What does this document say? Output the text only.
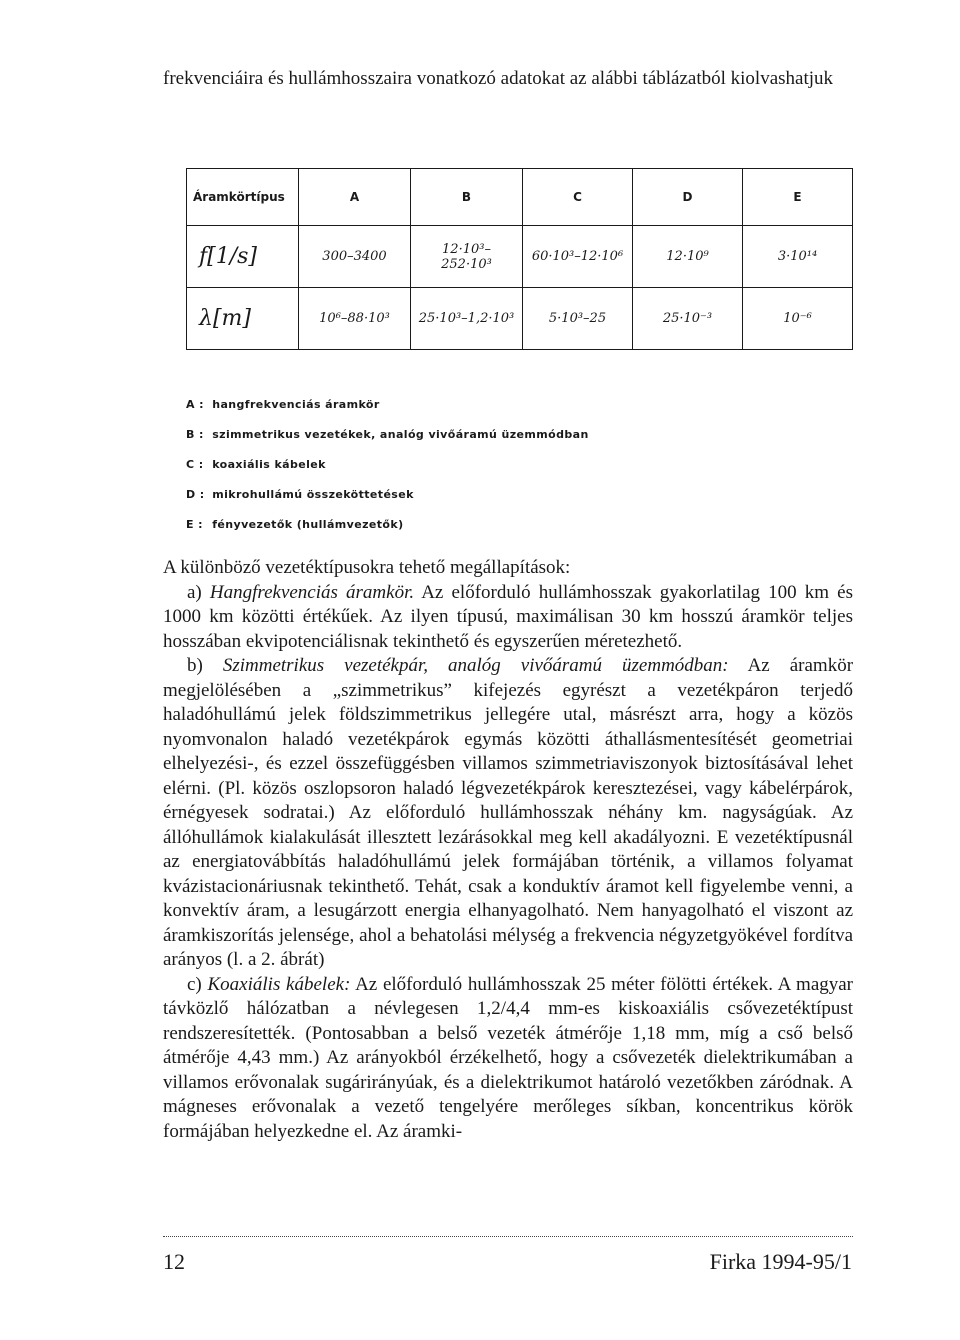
frekvenciáira és hullámhosszaira vonatkozó adatokat az alábbi táblázatból kiolvashatjuk
Áramkörtípus	A	B	C	D	E
f[1/s]	300–3400	12·10³–252·10³	60·10³–12·10⁶	12·10⁹	3·10¹⁴
λ[m]	10⁶–88·10³	25·10³–1,2·10³	5·10³–25	25·10⁻³	10⁻⁶
A : hangfrekvenciás áramkör
B : szimmetrikus vezetékek, analóg vivőáramú üzemmódban
C : koaxiális kábelek
D : mikrohullámú összeköttetések
E : fényvezetők (hullámvezetők)

A különböző vezetéktípusokra tehető megállapítások:

a) Hangfrekvenciás áramkör. Az előforduló hullámhosszak gyakorlatilag 100 km és 1000 km közötti értékűek. Az ilyen típusú, maximálisan 30 km hosszú áramkör teljes hosszában ekvipotenciálisnak tekinthető és egyszerűen méretezhető.

b) Szimmetrikus vezetékpár, analóg vivőáramú üzemmódban: Az áramkör megjelölésében a „szimmetrikus” kifejezés egyrészt a vezetékpáron terjedő haladóhullámú jelek földszimmetrikus jellegére utal, másrészt arra, hogy a közös nyomvonalon haladó vezetékpárok egymás közötti áthallásmentesítését geometriai elhelyezési-, és ezzel összefüggésben villamos szimmetriaviszonyok biztosításával lehet elérni. (Pl. közös oszlopsoron haladó légvezetékpárok keresztezései, vagy kábelérpárok, érnégyesek sodratai.) Az előforduló hullámhosszak néhány km. nagyságúak. Az állóhullámok kialakulását illesztett lezárásokkal meg kell akadályozni. E vezetéktípusnál az energiatovábbítás haladóhullámú jelek formájában történik, a villamos folyamat kvázistacionáriusnak tekinthető. Tehát, csak a konduktív áramot kell figyelembe venni, a konvektív áram, a lesugárzott energia elhanyagolható. Nem hanyagolható el viszont az áramkiszorítás jelensége, ahol a behatolási mélység a frekvencia négyzetgyökével fordítva arányos (l. a 2. ábrát)

c) Koaxiális kábelek: Az előforduló hullámhosszak 25 méter fölötti értékek. A magyar távközlő hálózatban a névlegesen 1,2/4,4 mm-es kiskoaxiális csővezetéktípust rendszeresítették. (Pontosabban a belső vezeték átmérője 1,18 mm, míg a cső belső átmérője 4,43 mm.) Az arányokból érzékelhető, hogy a csővezeték dielektrikumában a villamos erővonalak sugárirányúak, és a dielektrikumot határoló vezetőkben záródnak. A mágneses erővonalak a vezető tengelyére merőleges síkban, koncentrikus körök formájában helyezkedne el. Az áramki-

12	Firka 1994-95/1
